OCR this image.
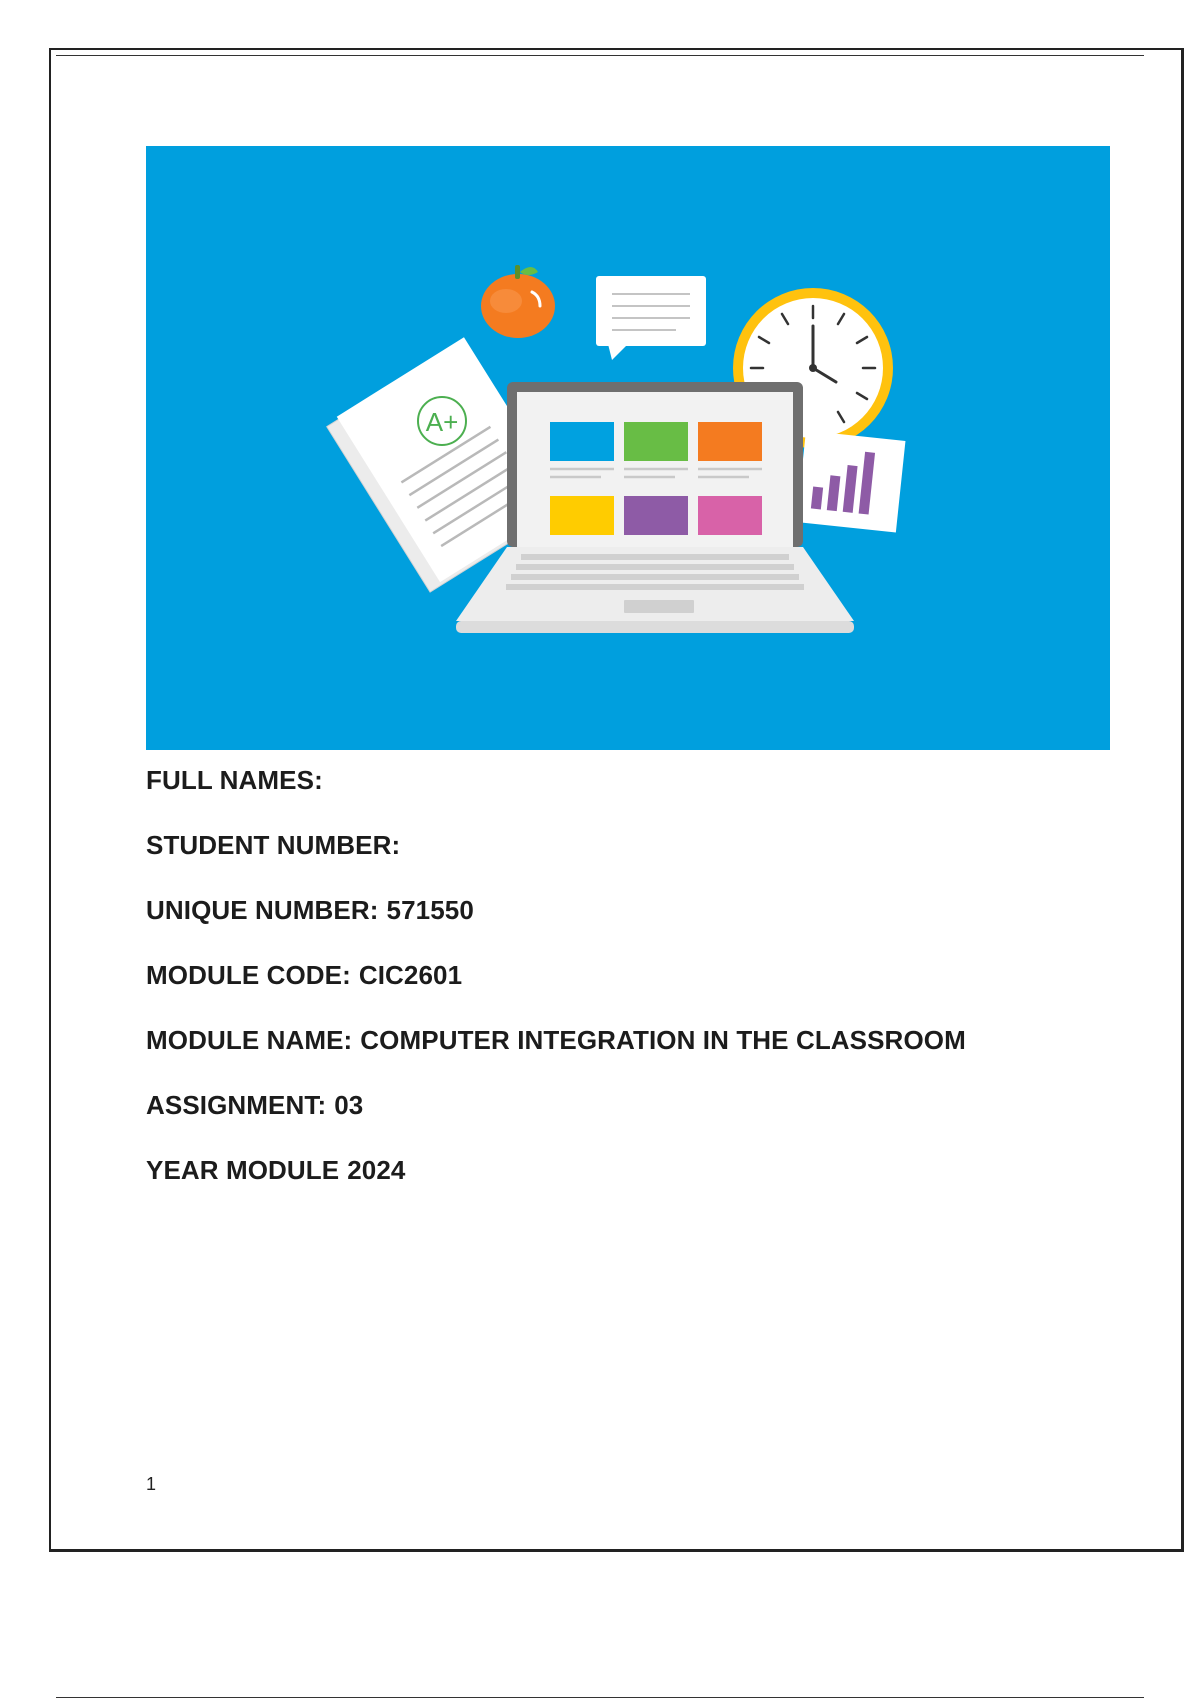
A+
FULL NAMES:
STUDENT NUMBER:
UNIQUE NUMBER: 571550
MODULE CODE: CIC2601
MODULE NAME: COMPUTER INTEGRATION IN THE CLASSROOM
ASSIGNMENT: 03
YEAR MODULE 2024
1
